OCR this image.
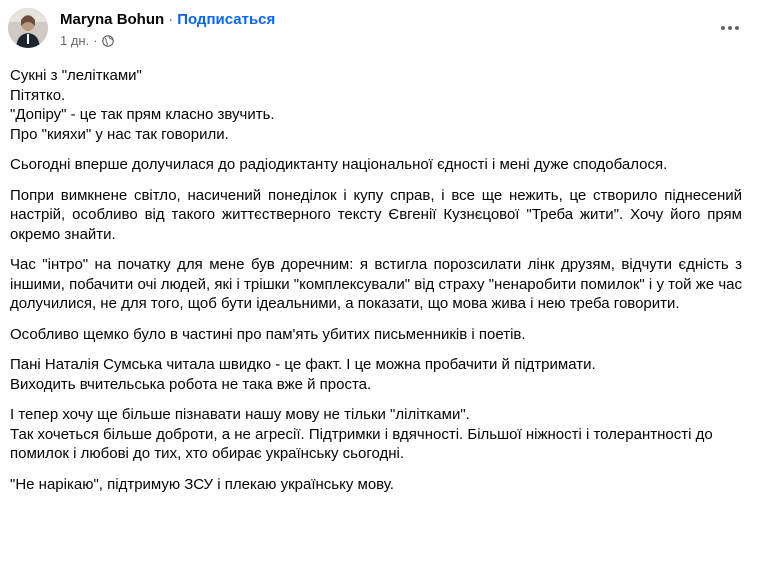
Maryna Bohun · Подписаться
1 дн. ·

Сукні з "лелітками"
Пітятко.
"Допіру" - це так прям класно звучить.
Про "кияхи" у нас так говорили.

Сьогодні вперше долучилася до радіодиктанту національної єдності і мені дуже сподобалося.

Попри вимкнене світло, насичений понеділок і купу справ, і все ще нежить, це створило піднесений настрій, особливо від такого життєстверного тексту Євгенії Кузнєцової "Треба жити". Хочу його прям окремо знайти.

Час "інтро" на початку для мене був доречним: я встигла порозсилати лінк друзям, відчути єдність з іншими, побачити очі людей, які і трішки "комплексували" від страху "ненаробити помилок" і у той же час долучилися, не для того, щоб бути ідеальними, а показати, що мова жива і нею треба говорити.

Особливо щемко було в частині про пам'ять убитих письменників і поетів.

Пані Наталія Сумська читала швидко - це факт. І це можна пробачити й підтримати.
Виходить вчительська робота не така вже й проста.

І тепер хочу ще більше пізнавати нашу мову не тільки "лілітками".
Так хочеться більше доброти, а не агресії. Підтримки і вдячності. Більшої ніжності і толерантності до помилок і любові до тих, хто обирає українську сьогодні.

"Не нарікаю", підтримую ЗСУ і плекаю українську мову.
